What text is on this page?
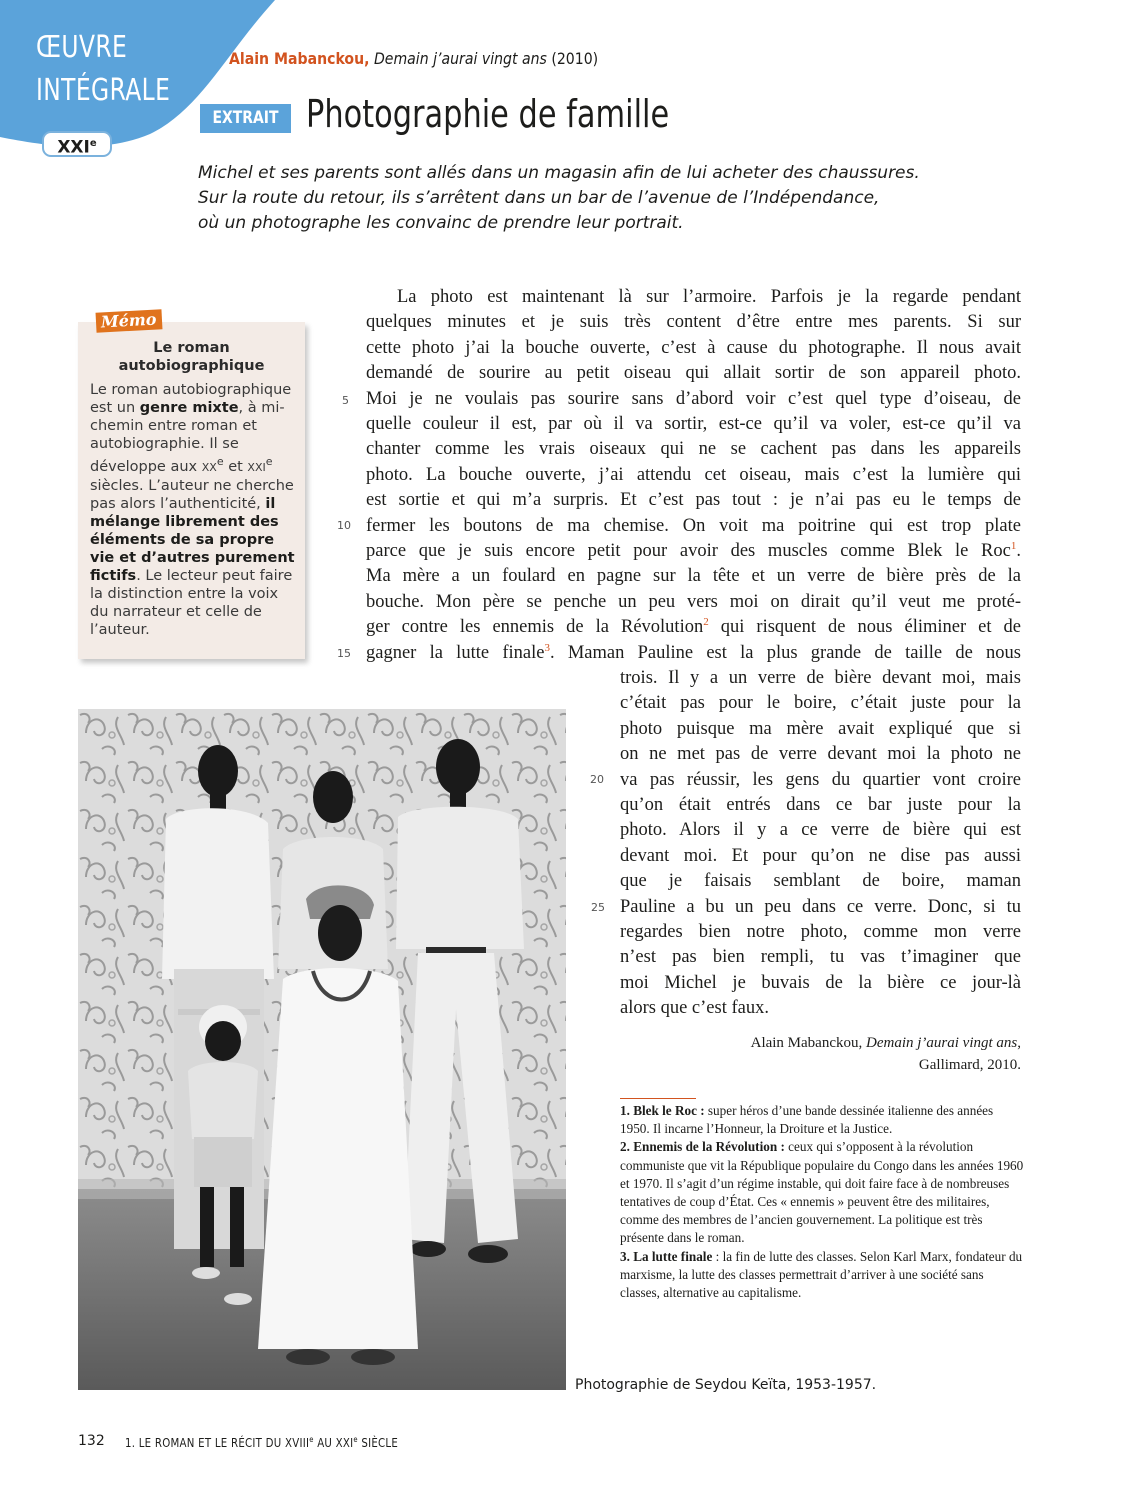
ŒUVRE
INTÉGRALE
XXIe
Alain Mabanckou, Demain j’aurai vingt ans (2010)
EXTRAIT 2
Photographie de famille

Michel et ses parents sont allés dans un magasin afin de lui acheter des chaussures.

Sur la route du retour, ils s’arrêtent dans un bar de l’avenue de l’Indépendance,

où un photographe les convainc de prendre leur portrait.

Le roman
autobiographique
Le roman autobiographique est un genre mixte, à mi-chemin entre roman et autobiographie. Il se développe aux XXe et XXIe siècles. L’auteur ne cherche pas alors l’authenticité, il mélange librement des éléments de sa propre vie et d’autres purement fictifs. Le lecteur peut faire la distinction entre la voix du narrateur et celle de l’auteur.
Mémo
La photo est maintenant là sur l’armoire. Parfois je la regarde pendant
quelques minutes et je suis très content d’être entre mes parents. Si sur
cette photo j’ai la bouche ouverte, c’est à cause du photographe. Il nous avait
demandé de sourire au petit oiseau qui allait sortir de son appareil photo.
Moi je ne voulais pas sourire sans d’abord voir c’est quel type d’oiseau, de
quelle couleur il est, par où il va sortir, est-ce qu’il va voler, est-ce qu’il va
chanter comme les vrais oiseaux qui ne se cachent pas dans les appareils
photo. La bouche ouverte, j’ai attendu cet oiseau, mais c’est la lumière qui
est sortie et qui m’a surpris. Et c’est pas tout : je n’ai pas eu le temps de
fermer les boutons de ma chemise. On voit ma poitrine qui est trop plate
parce que je suis encore petit pour avoir des muscles comme Blek le Roc$^1$.
Ma mère a un foulard en pagne sur la tête et un verre de bière près de la
bouche. Mon père se penche un peu vers moi on dirait qu’il veut me proté-
ger contre les ennemis de la Révolution$^2$ qui risquent de nous éliminer et de
gagner la lutte finale$^3$. Maman Pauline est la plus grande de taille de nous
trois. Il y a un verre de bière devant moi, mais
c’était pas pour le boire, c’était juste pour la
photo puisque ma mère avait expliqué que si
on ne met pas de verre devant moi la photo ne
va pas réussir, les gens du quartier vont croire
qu’on était entrés dans ce bar juste pour la
photo. Alors il y a ce verre de bière qui est
devant moi. Et pour qu’on ne dise pas aussi
que je faisais semblant de boire, maman
Pauline a bu un peu dans ce verre. Donc, si tu
regardes bien notre photo, comme mon verre
n’est pas bien rempli, tu vas t’imaginer que
moi Michel je buvais de la bière ce jour-là
alors que c’est faux.
5
10
15
20
25
Alain Mabanckou, Demain j’aurai vingt ans,
Gallimard, 2010.

1. Blek le Roc : super héros d’une bande dessinée italienne des années 1950. Il incarne l’Honneur, la Droiture et la Justice.

2. Ennemis de la Révolution : ceux qui s’opposent à la révolution communiste que vit la République populaire du Congo dans les années 1960 et 1970. Il s’agit d’un régime instable, qui doit faire face à de nombreuses tentatives de coup d’État. Ces « ennemis » peuvent être des militaires, comme des membres de l’ancien gouvernement. La politique est très présente dans le roman.

3. La lutte finale : la fin de lutte des classes. Selon Karl Marx, fondateur du marxisme, la lutte des classes permettrait d’arriver à une société sans classes, alternative au capitalisme.

Photographie de Seydou Keïta, 1953-1957.
132 1. LE ROMAN ET LE RÉCIT DU XVIIIe AU XXIe SIÈCLE
